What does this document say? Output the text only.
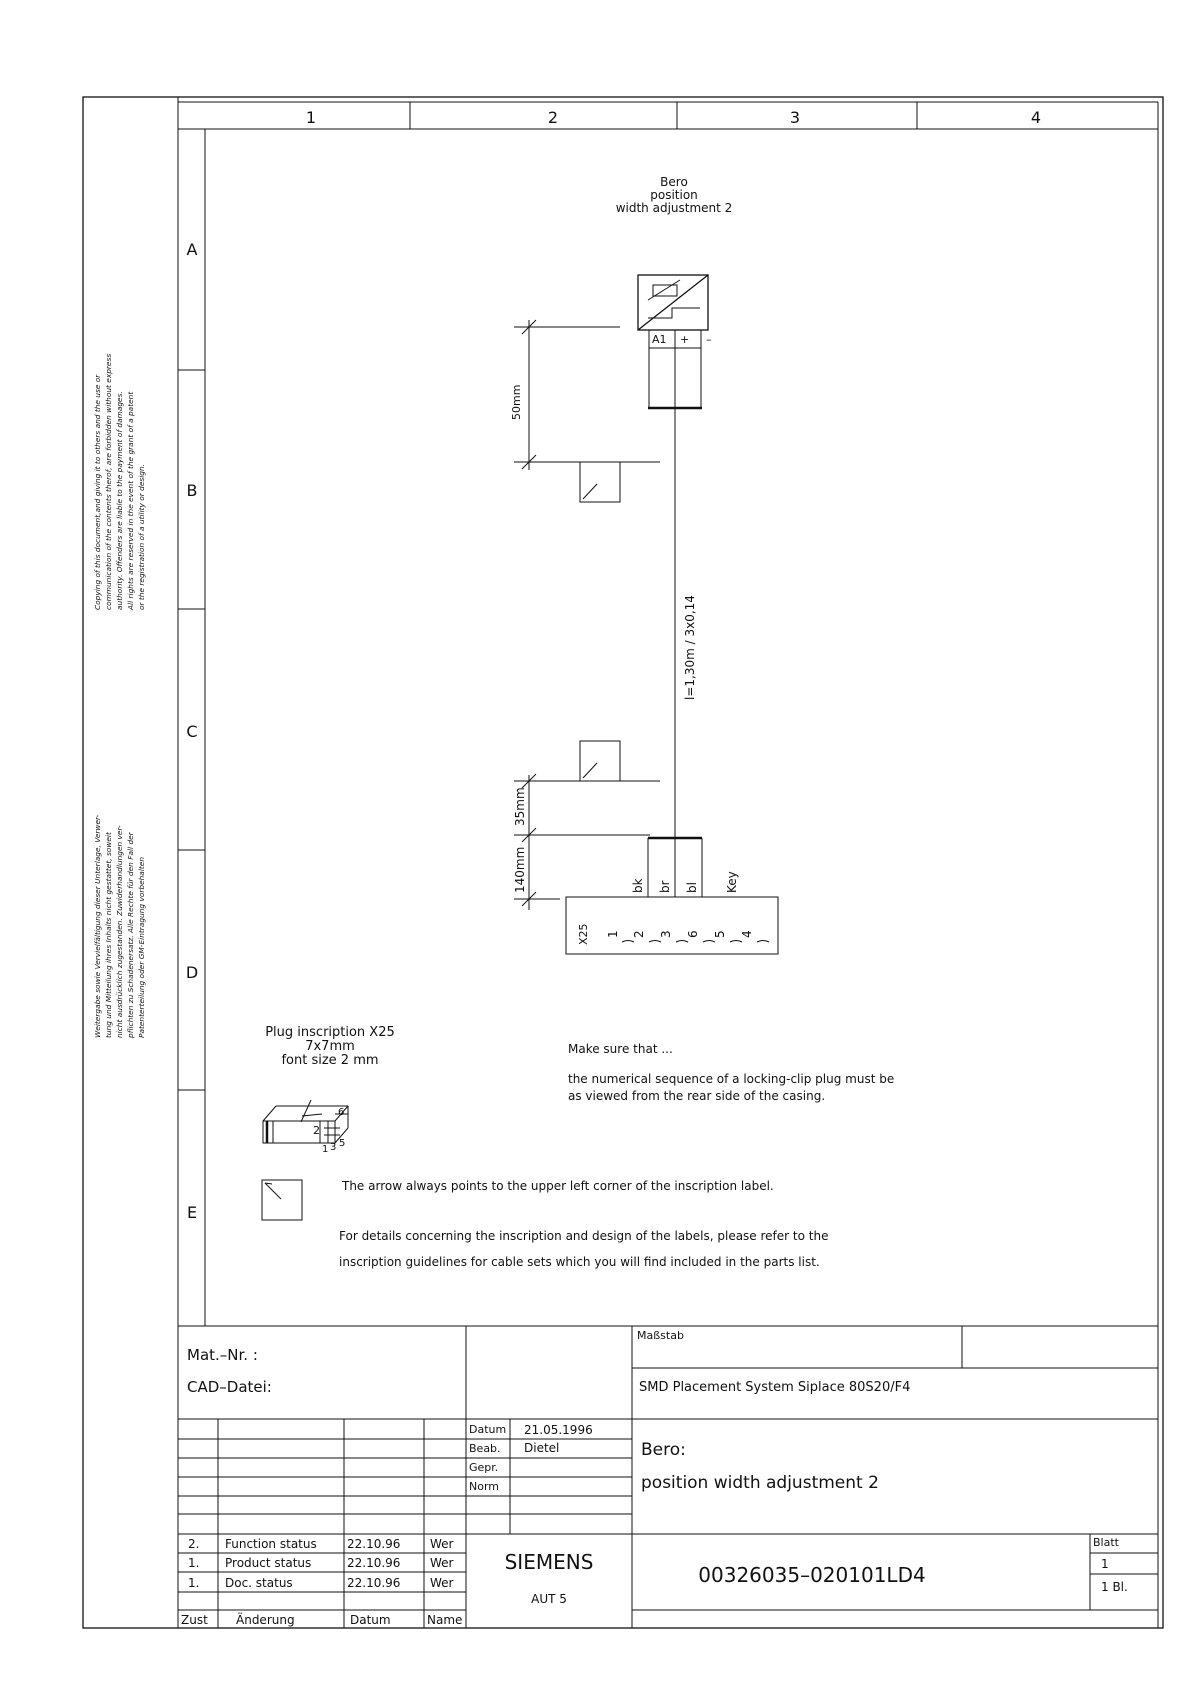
1	2	3	4
A
B
C
D
E
Copying of this document,and giving it to others and the use or communication of the contents therof, are forbidden without express authority. Offenders are liable to the payment of damages. All rights are reserved in the event of the grant of a patent or the registration of a utility or design.
Weitergabe sowie Vervielfältigung dieser Unterlage, Verwer- tung und Mitteilung ihres Inhalts nicht gestattet, soweit nicht ausdrücklich zugestanden. Zuwiderhandlungen ver- pflichten zu Schadenersatz. Alle Rechte für den Fall der Patenterteilung oder GM-Eintragung vorbehalten
Bero
position
width adjustment 2
A1 + –
l=1,30m / 3x0,14
50mm
35mm
140mm	bk br bl Key
X25 1 2 3 6 5 4
Plug inscription X25
7x7mm
font size 2 mm
6
2
3 5
1
Make sure that ...
the numerical sequence of a locking-clip plug must be
as viewed from the rear side of the casing.
The arrow always points to the upper left corner of the inscription label.
For details concerning the inscription and design of the labels, please refer to the
inscription guidelines for cable sets which you will find included in the parts list.
Mat.–Nr. :
CAD–Datei:
Maßstab
SMD Placement System Siplace 80S20/F4
Datum 21.05.1996
Beab. Dietel
Gepr.
Norm
Bero:
position width adjustment 2
2. Function status	22.10.96 Wer
1. Product status	22.10.96 Wer
1. Doc. status	22.10.96 Wer
Zust Änderung	Datum	Name
SIEMENS
AUT 5
00326035–020101LD4
Blatt
1
1 Bl.
